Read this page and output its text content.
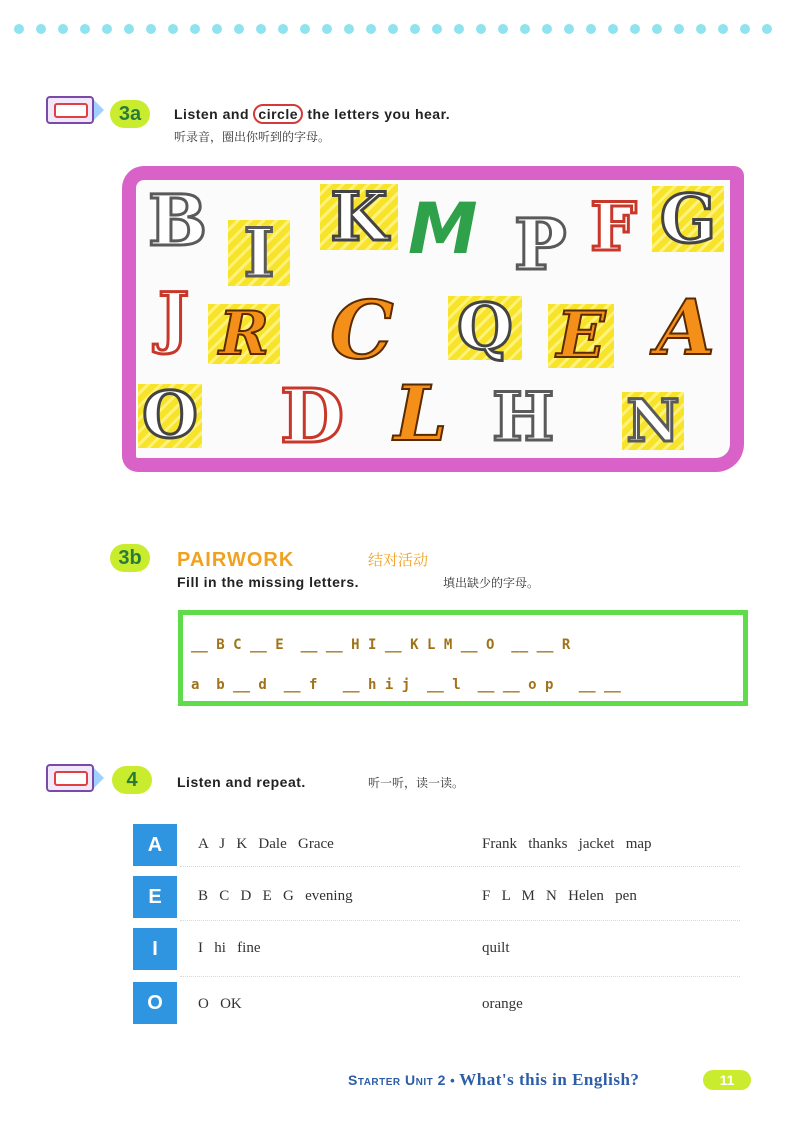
3a	Listen and circle the letters you hear.
听录音，圈出你听到的字母。
B I K M P F G
J R C Q E A
O D L H N
3b	PAIRWORK	结对活动
Fill in the missing letters.	填出缺少的字母。
__ B C __ E  __ __ H I __ K L M __ O  __ __ R
a  b __ d  __ f   __ h i j  __ l  __ __ o p   __ __
4	Listen and repeat.	听一听，读一读。
A	A   J   K   Dale   Grace	Frank   thanks   jacket   map
E	B   C   D   E   G   evening	F   L   M   N   Helen   pen
I	I   hi   fine	quilt
O	O   OK	orange
Starter Unit 2 • What's this in English?	11
